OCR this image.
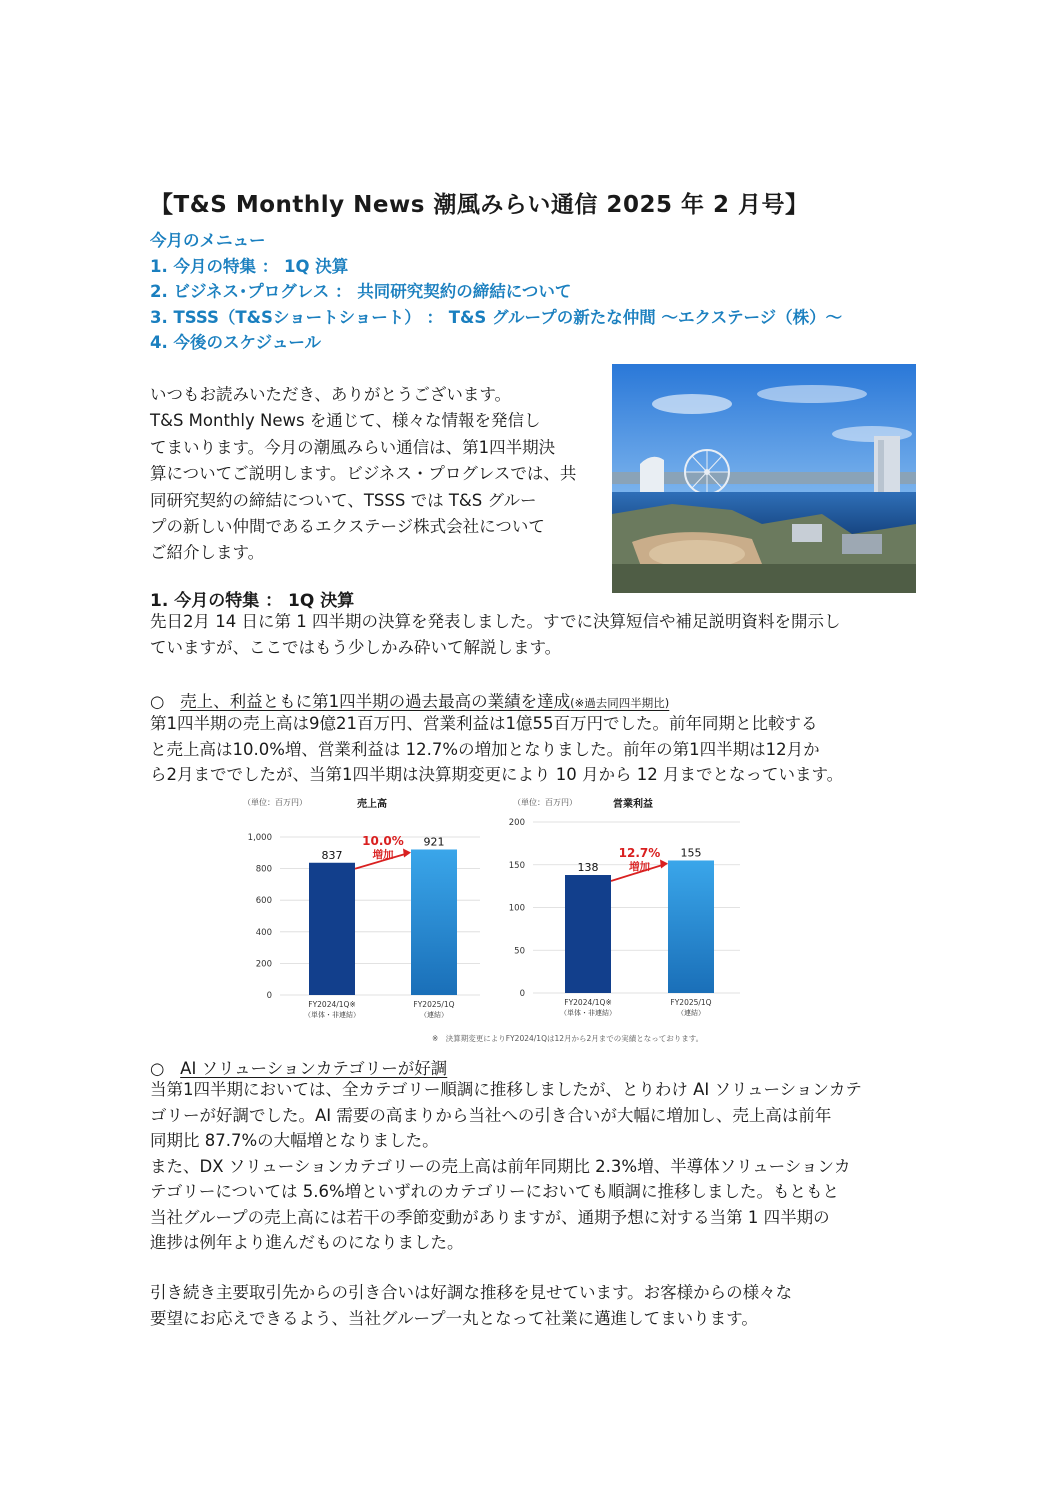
【T&S Monthly News 潮風みらい通信 2025 年 2 月号】
今月のメニュー
1. 今月の特集 ： 1Q 決算
2. ビジネス･プログレス ： 共同研究契約の締結について
3. TSSS（T&Sショートショート） ： T&S グループの新たな仲間 ～エクステージ（株）～
4. 今後のスケジュール
いつもお読みいただき、ありがとうございます。
T&S Monthly News を通じて、様々な情報を発信し
てまいります。今月の潮風みらい通信は、第1四半期決
算についてご説明します。ビジネス・プログレスでは、共
同研究契約の締結について、TSSS では T&S グルー
プの新しい仲間であるエクステージ株式会社について
ご紹介します。
1. 今月の特集 ： 1Q 決算
先日2月 14 日に第 1 四半期の決算を発表しました。すでに決算短信や補足説明資料を開示し
ていますが、ここではもう少しかみ砕いて解説します。
○ 売上、利益ともに第1四半期の過去最高の業績を達成(※過去同四半期比)
第1四半期の売上高は9億21百万円、営業利益は1億55百万円でした。前年同期と比較する
と売上高は10.0%増、営業利益は 12.7%の増加となりました。前年の第1四半期は12月か
ら2月まででしたが、当第1四半期は決算期変更により 10 月から 12 月までとなっています。
（単位：百万円）	売上高
0
200
400
600
800
1,000
837
FY2024/1Q※
（単体・非連結）
921
FY2025/1Q
（連結）
10.0%
増加
（単位：百万円）	営業利益
0
50
100
150
200
138
FY2024/1Q※
（単体・非連結）
155
FY2025/1Q
（連結）
12.7%
増加
※　決算期変更によりFY2024/1Qは12月から2月までの実績となっております。
○ AI ソリューションカテゴリーが好調
当第1四半期においては、全カテゴリー順調に推移しましたが、とりわけ AI ソリューションカテ
ゴリーが好調でした。AI 需要の高まりから当社への引き合いが大幅に増加し、売上高は前年
同期比 87.7%の大幅増となりました。
また、DX ソリューションカテゴリーの売上高は前年同期比 2.3%増、半導体ソリューションカ
テゴリーについては 5.6%増といずれのカテゴリーにおいても順調に推移しました。もともと
当社グループの売上高には若干の季節変動がありますが、通期予想に対する当第 1 四半期の
進捗は例年より進んだものになりました。
引き続き主要取引先からの引き合いは好調な推移を見せています。お客様からの様々な
要望にお応えできるよう、当社グループ一丸となって社業に邁進してまいります。
